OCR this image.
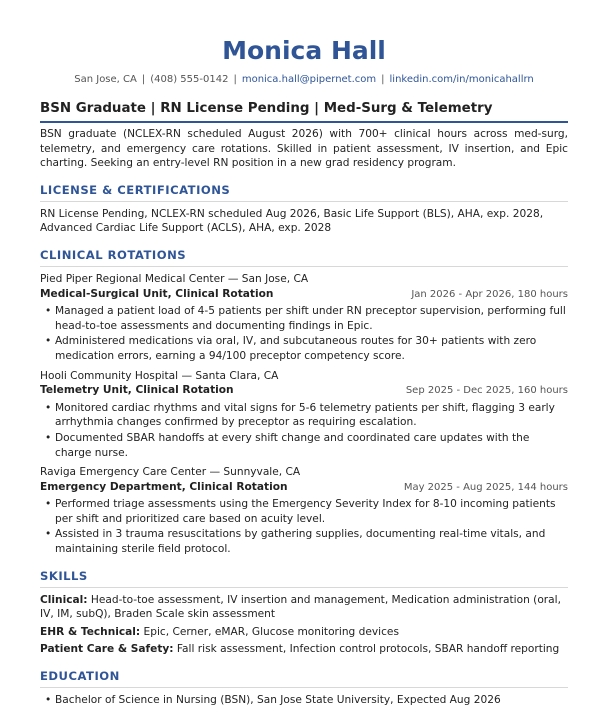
Monica Hall
San Jose, CA | (408) 555-0142 | monica.hall@pipernet.com | linkedin.com/in/monicahallrn
BSN Graduate | RN License Pending | Med-Surg & Telemetry
BSN graduate (NCLEX-RN scheduled August 2026) with 700+ clinical hours across med-surg, telemetry, and emergency care rotations. Skilled in patient assessment, IV insertion, and Epic charting. Seeking an entry-level RN position in a new grad residency program.
LICENSE & CERTIFICATIONS
RN License Pending, NCLEX-RN scheduled Aug 2026, Basic Life Support (BLS), AHA, exp. 2028, Advanced Cardiac Life Support (ACLS), AHA, exp. 2028
CLINICAL ROTATIONS
Pied Piper Regional Medical Center — San Jose, CA
Medical-Surgical Unit, Clinical Rotation	Jan 2026 - Apr 2026, 180 hours
• Managed a patient load of 4-5 patients per shift under RN preceptor supervision, performing full head-to-toe assessments and documenting findings in Epic.
• Administered medications via oral, IV, and subcutaneous routes for 30+ patients with zero medication errors, earning a 94/100 preceptor competency score.
Hooli Community Hospital — Santa Clara, CA
Telemetry Unit, Clinical Rotation	Sep 2025 - Dec 2025, 160 hours
• Monitored cardiac rhythms and vital signs for 5-6 telemetry patients per shift, flagging 3 early arrhythmia changes confirmed by preceptor as requiring escalation.
• Documented SBAR handoffs at every shift change and coordinated care updates with the charge nurse.
Raviga Emergency Care Center — Sunnyvale, CA
Emergency Department, Clinical Rotation	May 2025 - Aug 2025, 144 hours
• Performed triage assessments using the Emergency Severity Index for 8-10 incoming patients per shift and prioritized care based on acuity level.
• Assisted in 3 trauma resuscitations by gathering supplies, documenting real-time vitals, and maintaining sterile field protocol.
SKILLS
Clinical: Head-to-toe assessment, IV insertion and management, Medication administration (oral, IV, IM, subQ), Braden Scale skin assessment
EHR & Technical: Epic, Cerner, eMAR, Glucose monitoring devices
Patient Care & Safety: Fall risk assessment, Infection control protocols, SBAR handoff reporting
EDUCATION
• Bachelor of Science in Nursing (BSN), San Jose State University, Expected Aug 2026
